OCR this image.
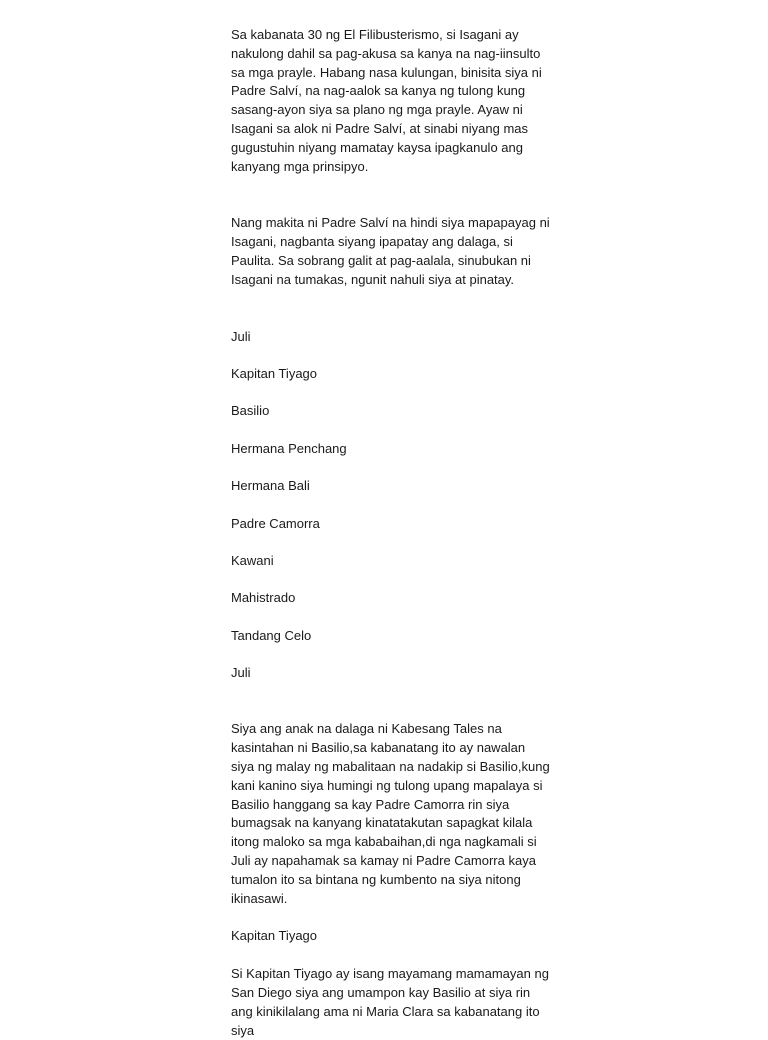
Sa kabanata 30 ng El Filibusterismo, si Isagani ay nakulong dahil sa pag-akusa sa kanya na nag-iinsulto sa mga prayle. Habang nasa kulungan, binisita siya ni Padre Salví, na nag-aalok sa kanya ng tulong kung sasang-ayon siya sa plano ng mga prayle. Ayaw ni Isagani sa alok ni Padre Salví, at sinabi niyang mas gugustuhin niyang mamatay kaysa ipagkanulo ang kanyang mga prinsipyo.

Nang makita ni Padre Salví na hindi siya mapapayag ni Isagani, nagbanta siyang ipapatay ang dalaga, si Paulita. Sa sobrang galit at pag-aalala, sinubukan ni Isagani na tumakas, ngunit nahuli siya at pinatay.

Juli

Kapitan Tiyago

Basilio

Hermana Penchang

Hermana Bali

Padre Camorra

Kawani

Mahistrado

Tandang Celo

Juli

Siya ang anak na dalaga ni Kabesang Tales na kasintahan ni Basilio,sa kabanatang ito ay nawalan siya ng malay ng mabalitaan na nadakip si Basilio,kung kani kanino siya humingi ng tulong upang mapalaya si Basilio hanggang sa kay Padre Camorra rin siya bumagsak na kanyang kinatatakutan sapagkat kilala itong maloko sa mga kababaihan,di nga nagkamali si Juli ay napahamak sa kamay ni Padre Camorra kaya tumalon ito sa bintana ng kumbento na siya nitong ikinasawi.

Kapitan Tiyago

Si Kapitan Tiyago ay isang mayamang mamamayan ng San Diego siya ang umampon kay Basilio at siya rin ang kinikilalang ama ni Maria Clara sa kabanatang ito siya
